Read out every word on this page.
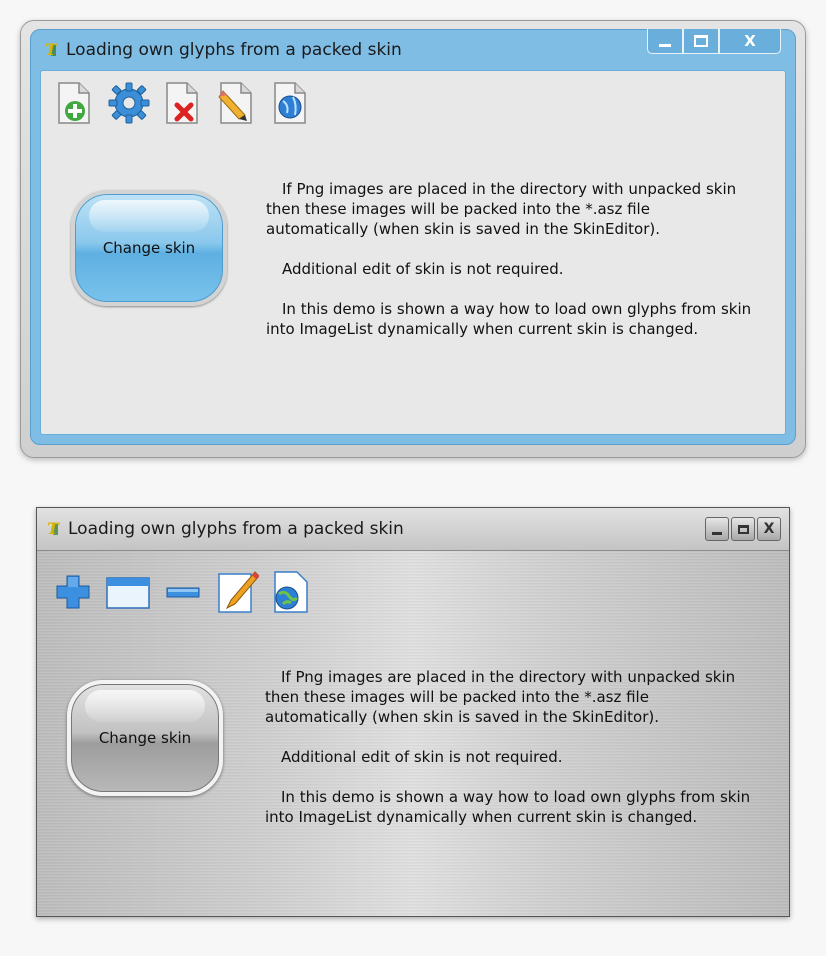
T Loading own glyphs from a packed skin	X
Change skin

If Png images are placed in the directory with unpacked skin then these images will be packed into the *.asz file automatically (when skin is saved in the SkinEditor).

Additional edit of skin is not required.

In this demo is shown a way how to load own glyphs from skin into ImageList dynamically when current skin is changed.

T Loading own glyphs from a packed skin	X
Change skin

If Png images are placed in the directory with unpacked skin then these images will be packed into the *.asz file automatically (when skin is saved in the SkinEditor).

Additional edit of skin is not required.

In this demo is shown a way how to load own glyphs from skin into ImageList dynamically when current skin is changed.
